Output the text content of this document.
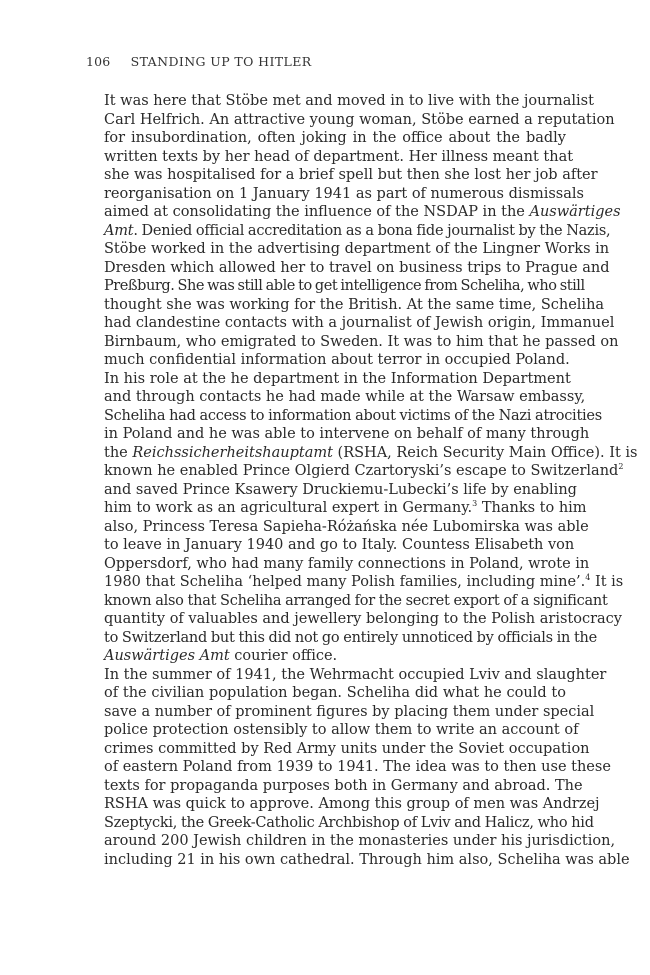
106 STANDING UP TO HITLER

It was here that Stöbe met and moved in to live with the journalist
Carl Helfrich. An attractive young woman, Stöbe earned a reputation
for insubordination, often joking in the office about the badly
written texts by her head of department. Her illness meant that
she was hospitalised for a brief spell but then she lost her job after
reorganisation on 1 January 1941 as part of numerous dismissals
aimed at consolidating the influence of the NSDAP in the Auswärtiges
Amt. Denied official accreditation as a bona fide journalist by the Nazis,
Stöbe worked in the advertising department of the Lingner Works in
Dresden which allowed her to travel on business trips to Prague and
Preßburg. She was still able to get intelligence from Scheliha, who still
thought she was working for the British. At the same time, Scheliha
had clandestine contacts with a journalist of Jewish origin, Immanuel
Birnbaum, who emigrated to Sweden. It was to him that he passed on
much confidential information about terror in occupied Poland.

In his role at the he department in the Information Department
and through contacts he had made while at the Warsaw embassy,
Scheliha had access to information about victims of the Nazi atrocities
in Poland and he was able to intervene on behalf of many through
the Reichssicherheitshauptamt (RSHA, Reich Security Main Office). It is
known he enabled Prince Olgierd Czartoryski’s escape to Switzerland$^2$
and saved Prince Ksawery Druckiemu-Lubecki’s life by enabling
him to work as an agricultural expert in Germany.$^3$ Thanks to him
also, Princess Teresa Sapieha-Różańska née Lubomirska was able
to leave in January 1940 and go to Italy. Countess Elisabeth von
Oppersdorf, who had many family connections in Poland, wrote in
1980 that Scheliha ‘helped many Polish families, including mine’.$^4$ It is
known also that Scheliha arranged for the secret export of a significant
quantity of valuables and jewellery belonging to the Polish aristocracy
to Switzerland but this did not go entirely unnoticed by officials in the
Auswärtiges Amt courier office.

In the summer of 1941, the Wehrmacht occupied Lviv and slaughter
of the civilian population began. Scheliha did what he could to
save a number of prominent figures by placing them under special
police protection ostensibly to allow them to write an account of
crimes committed by Red Army units under the Soviet occupation
of eastern Poland from 1939 to 1941. The idea was to then use these
texts for propaganda purposes both in Germany and abroad. The
RSHA was quick to approve. Among this group of men was Andrzej
Szeptycki, the Greek-Catholic Archbishop of Lviv and Halicz, who hid
around 200 Jewish children in the monasteries under his jurisdiction,
including 21 in his own cathedral. Through him also, Scheliha was able
